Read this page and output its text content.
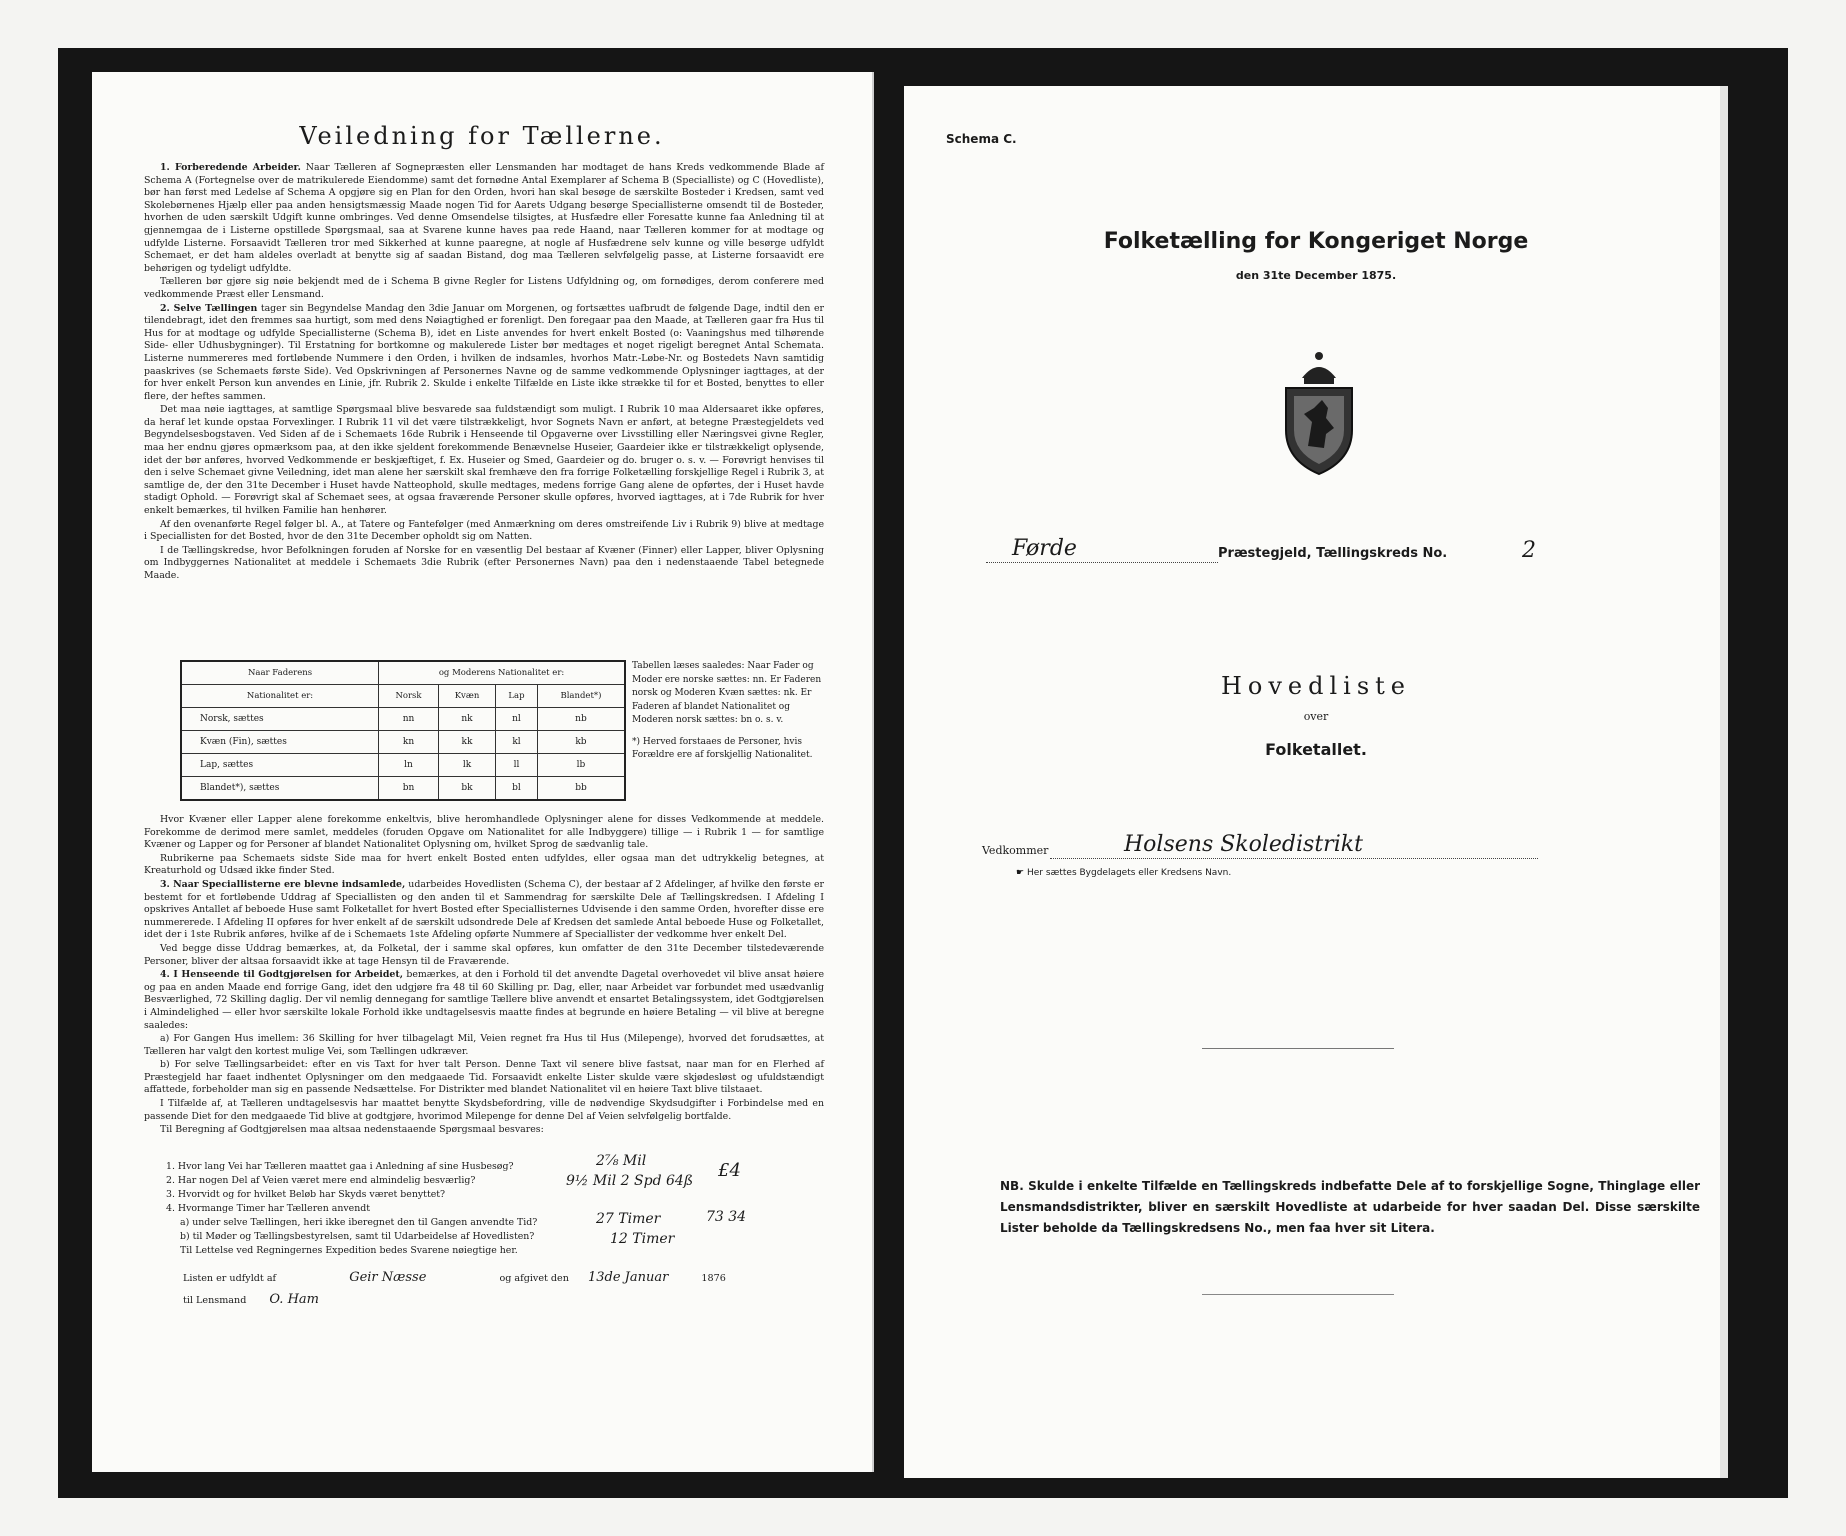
Veiledning for Tællerne.

1. Forberedende Arbeider. Naar Tælleren af Sognepræsten eller Lensmanden har modtaget de hans Kreds vedkommende Blade af Schema A (Fortegnelse over de matrikulerede Eiendomme) samt det fornødne Antal Exemplarer af Schema B (Specialliste) og C (Hovedliste), bør han først med Ledelse af Schema A opgjøre sig en Plan for den Orden, hvori han skal besøge de særskilte Bosteder i Kredsen, samt ved Skolebørnenes Hjælp eller paa anden hensigtsmæssig Maade nogen Tid for Aarets Udgang besørge Speciallisterne omsendt til de Bosteder, hvorhen de uden særskilt Udgift kunne ombringes. Ved denne Omsendelse tilsigtes, at Husfædre eller Foresatte kunne faa Anledning til at gjennemgaa de i Listerne opstillede Spørgsmaal, saa at Svarene kunne haves paa rede Haand, naar Tælleren kommer for at modtage og udfylde Listerne. Forsaavidt Tælleren tror med Sikkerhed at kunne paaregne, at nogle af Husfædrene selv kunne og ville besørge udfyldt Schemaet, er det ham aldeles overladt at benytte sig af saadan Bistand, dog maa Tælleren selvfølgelig passe, at Listerne forsaavidt ere behørigen og tydeligt udfyldte.

Tælleren bør gjøre sig nøie bekjendt med de i Schema B givne Regler for Listens Udfyldning og, om fornødiges, derom conferere med vedkommende Præst eller Lensmand.

2. Selve Tællingen tager sin Begyndelse Mandag den 3die Januar om Morgenen, og fortsættes uafbrudt de følgende Dage, indtil den er tilendebragt, idet den fremmes saa hurtigt, som med dens Nøiagtighed er forenligt. Den foregaar paa den Maade, at Tælleren gaar fra Hus til Hus for at modtage og udfylde Speciallisterne (Schema B), idet en Liste anvendes for hvert enkelt Bosted (o: Vaaningshus med tilhørende Side- eller Udhusbygninger). Til Erstatning for bortkomne og makulerede Lister bør medtages et noget rigeligt beregnet Antal Schemata. Listerne nummereres med fortløbende Nummere i den Orden, i hvilken de indsamles, hvorhos Matr.-Løbe-Nr. og Bostedets Navn samtidig paaskrives (se Schemaets første Side). Ved Opskrivningen af Personernes Navne og de samme vedkommende Oplysninger iagttages, at der for hver enkelt Person kun anvendes en Linie, jfr. Rubrik 2. Skulde i enkelte Tilfælde en Liste ikke strække til for et Bosted, benyttes to eller flere, der heftes sammen.

Det maa nøie iagttages, at samtlige Spørgsmaal blive besvarede saa fuldstændigt som muligt. I Rubrik 10 maa Aldersaaret ikke opføres, da heraf let kunde opstaa Forvexlinger. I Rubrik 11 vil det være tilstrækkeligt, hvor Sognets Navn er anført, at betegne Præstegjeldets ved Begyndelsesbogstaven. Ved Siden af de i Schemaets 16de Rubrik i Henseende til Opgaverne over Livsstilling eller Næringsvei givne Regler, maa her endnu gjøres opmærksom paa, at den ikke sjeldent forekommende Benævnelse Huseier, Gaardeier ikke er tilstrækkeligt oplysende, idet der bør anføres, hvorved Vedkommende er beskjæftiget, f. Ex. Huseier og Smed, Gaardeier og do. bruger o. s. v. — Forøvrigt henvises til den i selve Schemaet givne Veiledning, idet man alene her særskilt skal fremhæve den fra forrige Folketælling forskjellige Regel i Rubrik 3, at samtlige de, der den 31te December i Huset havde Natteophold, skulle medtages, medens forrige Gang alene de opførtes, der i Huset havde stadigt Ophold. — Forøvrigt skal af Schemaet sees, at ogsaa fraværende Personer skulle opføres, hvorved iagttages, at i 7de Rubrik for hver enkelt bemærkes, til hvilken Familie han henhører.

Af den ovenanførte Regel følger bl. A., at Tatere og Fantefølger (med Anmærkning om deres omstreifende Liv i Rubrik 9) blive at medtage i Speciallisten for det Bosted, hvor de den 31te December opholdt sig om Natten.

I de Tællingskredse, hvor Befolkningen foruden af Norske for en væsentlig Del bestaar af Kvæner (Finner) eller Lapper, bliver Oplysning om Indbyggernes Nationalitet at meddele i Schemaets 3die Rubrik (efter Personernes Navn) paa den i nedenstaaende Tabel betegnede Maade.

Naar Faderens	og Moderens Nationalitet er:			
Nationalitet er:	Norsk	Kvæn	Lap	Blandet*)
Norsk, sættes	nn	nk	nl	nb
Kvæn (Fin), sættes	kn	kk	kl	kb
Lap, sættes	ln	lk	ll	lb
Blandet*), sættes	bn	bk	bl	bb
Tabellen læses saaledes: Naar Fader og Moder ere norske sættes: nn. Er Faderen norsk og Moderen Kvæn sættes: nk. Er Faderen af blandet Nationalitet og Moderen norsk sættes: bn o. s. v.
*) Herved forstaaes de Personer, hvis Forældre ere af forskjellig Nationalitet.

Hvor Kvæner eller Lapper alene forekomme enkeltvis, blive heromhandlede Oplysninger alene for disses Vedkommende at meddele. Forekomme de derimod mere samlet, meddeles (foruden Opgave om Nationalitet for alle Indbyggere) tillige — i Rubrik 1 — for samtlige Kvæner og Lapper og for Personer af blandet Nationalitet Oplysning om, hvilket Sprog de sædvanlig tale.

Rubrikerne paa Schemaets sidste Side maa for hvert enkelt Bosted enten udfyldes, eller ogsaa man det udtrykkelig betegnes, at Kreaturhold og Udsæd ikke finder Sted.

3. Naar Speciallisterne ere blevne indsamlede, udarbeides Hovedlisten (Schema C), der bestaar af 2 Afdelinger, af hvilke den første er bestemt for et fortløbende Uddrag af Speciallisten og den anden til et Sammendrag for særskilte Dele af Tællingskredsen. I Afdeling I opskrives Antallet af beboede Huse samt Folketallet for hvert Bosted efter Speciallisternes Udvisende i den samme Orden, hvorefter disse ere nummererede. I Afdeling II opføres for hver enkelt af de særskilt udsondrede Dele af Kredsen det samlede Antal beboede Huse og Folketallet, idet der i 1ste Rubrik anføres, hvilke af de i Schemaets 1ste Afdeling opførte Nummere af Speciallister der vedkomme hver enkelt Del.

Ved begge disse Uddrag bemærkes, at, da Folketal, der i samme skal opføres, kun omfatter de den 31te December tilstedeværende Personer, bliver der altsaa forsaavidt ikke at tage Hensyn til de Fraværende.

4. I Henseende til Godtgjørelsen for Arbeidet, bemærkes, at den i Forhold til det anvendte Dagetal overhovedet vil blive ansat høiere og paa en anden Maade end forrige Gang, idet den udgjøre fra 48 til 60 Skilling pr. Dag, eller, naar Arbeidet var forbundet med usædvanlig Besværlighed, 72 Skilling daglig. Der vil nemlig dennegang for samtlige Tællere blive anvendt et ensartet Betalingssystem, idet Godtgjørelsen i Almindelighed — eller hvor særskilte lokale Forhold ikke undtagelsesvis maatte findes at begrunde en høiere Betaling — vil blive at beregne saaledes:

a) For Gangen Hus imellem: 36 Skilling for hver tilbagelagt Mil, Veien regnet fra Hus til Hus (Milepenge), hvorved det forudsættes, at Tælleren har valgt den kortest mulige Vei, som Tællingen udkræver.

b) For selve Tællingsarbeidet: efter en vis Taxt for hver talt Person. Denne Taxt vil senere blive fastsat, naar man for en Flerhed af Præstegjeld har faaet indhentet Oplysninger om den medgaaede Tid. Forsaavidt enkelte Lister skulde være skjødesløst og ufuldstændigt affattede, forbeholder man sig en passende Nedsættelse. For Distrikter med blandet Nationalitet vil en høiere Taxt blive tilstaaet.

I Tilfælde af, at Tælleren undtagelsesvis har maattet benytte Skydsbefordring, ville de nødvendige Skydsudgifter i Forbindelse med en passende Diet for den medgaaede Tid blive at godtgjøre, hvorimod Milepenge for denne Del af Veien selvfølgelig bortfalde.

Til Beregning af Godtgjørelsen maa altsaa nedenstaaende Spørgsmaal besvares:

1. Hvor lang Vei har Tælleren maattet gaa i Anledning af sine Husbesøg?	2⅞ Mil
2. Har nogen Del af Veien været mere end almindelig besværlig?
3. Hvorvidt og for hvilket Beløb har Skyds været benyttet?
9½ Mil 2 Spd 64ß £4
4. Hvormange Timer har Tælleren anvendt
a) under selve Tællingen, heri ikke iberegnet den til Gangen anvendte Tid?	27 Timer	73 34
b) til Møder og Tællingsbestyrelsen, samt til Udarbeidelse af Hovedlisten?	12 Timer
Til Lettelse ved Regningernes Expedition bedes Svarene nøiegtige her.
Listen er udfyldt af	Geir Næsse	og afgivet den 13de Januar	1876
til Lensmand O. Ham
Schema C.
Folketælling for Kongeriget Norge
den 31te December 1875.
Førde	Præstegjeld, Tællingskreds No.	2
Hovedliste
over
Folketallet.
Vedkommer	Holsens Skoledistrikt
☛ Her sættes Bygdelagets eller Kredsens Navn.
NB. Skulde i enkelte Tilfælde en Tællingskreds indbefatte Dele af to forskjellige Sogne, Thinglage eller Lensmandsdistrikter, bliver en særskilt Hovedliste at udarbeide for hver saadan Del. Disse særskilte Lister beholde da Tællingskredsens No., men faa hver sit Litera.
